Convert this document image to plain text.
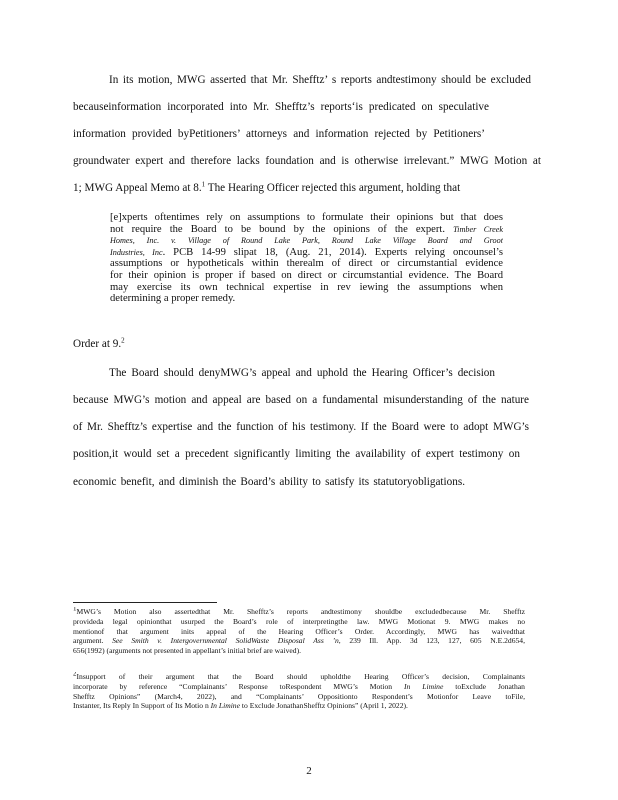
In its motion, MWG asserted that Mr. Shefftz’ s reports andtestimony should be excluded
becauseinformation incorporated into Mr. Shefftz’s reports‘is predicated on speculative
information provided byPetitioners’ attorneys and information rejected by Petitioners’
groundwater expert and therefore lacks foundation and is otherwise irrelevant.” MWG Motion at
1; MWG Appeal Memo at 8.$^1$ The Hearing Officer rejected this argument, holding that
[e]xperts oftentimes rely on assumptions to formulate their opinions but that does
not require the Board to be bound by the opinions of the expert. Timber Creek
Homes, Inc. v. Village of Round Lake Park, Round Lake Village Board and Groot
Industries, Inc. PCB 14-99 slipat 18, (Aug. 21, 2014). Experts relying oncounsel’s
assumptions or hypotheticals within therealm of direct or circumstantial evidence
for their opinion is proper if based on direct or circumstantial evidence. The Board
may exercise its own technical expertise in rev iewing the assumptions when
determining a proper remedy.
Order at 9.$^2$
The Board should denyMWG’s appeal and uphold the Hearing Officer’s decision
because MWG’s motion and appeal are based on a fundamental misunderstanding of the nature
of Mr. Shefftz’s expertise and the function of his testimony. If the Board were to adopt MWG’s
position,it would set a precedent significantly limiting the availability of expert testimony on
economic benefit, and diminish the Board’s ability to satisfy its statutoryobligations.
$^1$MWG’s Motion also assertedthat Mr. Shefftz’s reports andtestimony shouldbe excludedbecause Mr. Shefftz
provideda legal opinionthat usurped the Board’s role of interpretingthe law. MWG Motionat 9. MWG makes no
mentionof that argument inits appeal of the Hearing Officer’s Order. Accordingly, MWG has waivedthat
argument. See Smith v. Intergovernmental SolidWaste Disposal Ass ’n, 239 Ill. App. 3d 123, 127, 605 N.E.2d654,
656(1992) (arguments not presented in appellant’s initial brief are waived).
$^2$Insupport of their argument that the Board should upholdthe Hearing Officer’s decision, Complainants
incorporate by reference “Complainants’ Response toRespondent MWG’s Motion In Limine toExclude Jonathan
Shefftz Opinions” (March4, 2022), and “Complainants’ Oppositionto Respondent’s Motionfor Leave toFile,
Instanter, Its Reply In Support of Its Motio n In Limine to Exclude JonathanShefftz Opinions” (April 1, 2022).
2
